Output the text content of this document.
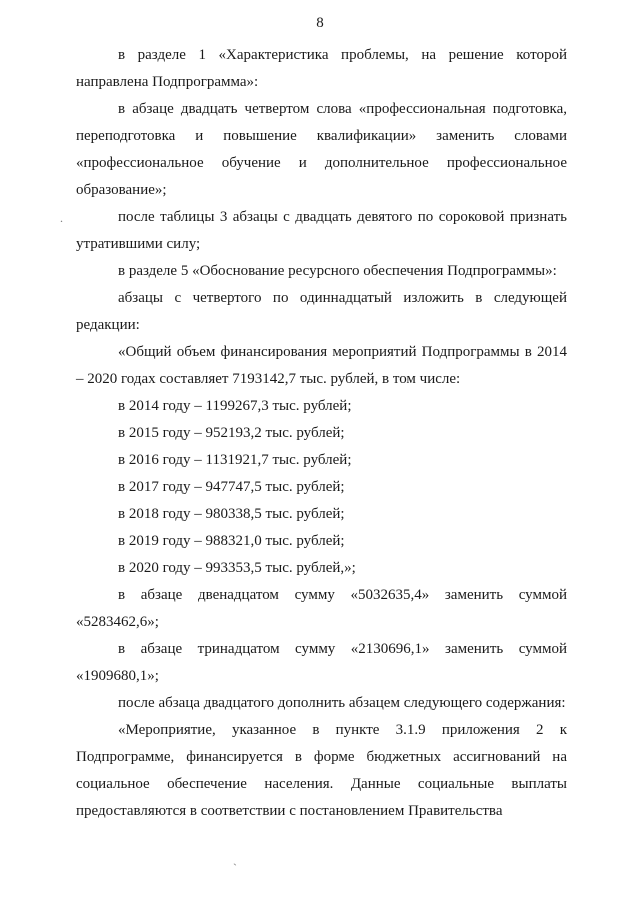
8

в разделе 1 «Характеристика проблемы, на решение которой направлена Подпрограмма»:

в абзаце двадцать четвертом слова «профессиональная подготовка, переподготовка и повышение квалификации» заменить словами «профессиональное обучение и дополнительное профессиональное образование»;

после таблицы 3 абзацы с двадцать девятого по сороковой признать утратившими силу;

в разделе 5 «Обоснование ресурсного обеспечения Подпрограммы»:

абзацы с четвертого по одиннадцатый изложить в следующей редакции:

«Общий объем финансирования мероприятий Подпрограммы в 2014 – 2020 годах составляет 7193142,7 тыс. рублей, в том числе:

в 2014 году – 1199267,3 тыс. рублей;

в 2015 году – 952193,2 тыс. рублей;

в 2016 году – 1131921,7 тыс. рублей;

в 2017 году – 947747,5 тыс. рублей;

в 2018 году – 980338,5 тыс. рублей;

в 2019 году – 988321,0 тыс. рублей;

в 2020 году – 993353,5 тыс. рублей,»;

в абзаце двенадцатом сумму «5032635,4» заменить суммой «5283462,6»;

в абзаце тринадцатом сумму «2130696,1» заменить суммой «1909680,1»;

после абзаца двадцатого дополнить абзацем следующего содержания:

«Мероприятие, указанное в пункте 3.1.9 приложения 2 к Подпрограмме, финансируется в форме бюджетных ассигнований на социальное обеспечение населения. Данные социальные выплаты предоставляются в соответствии с постановлением Правительства

.
ˋ
